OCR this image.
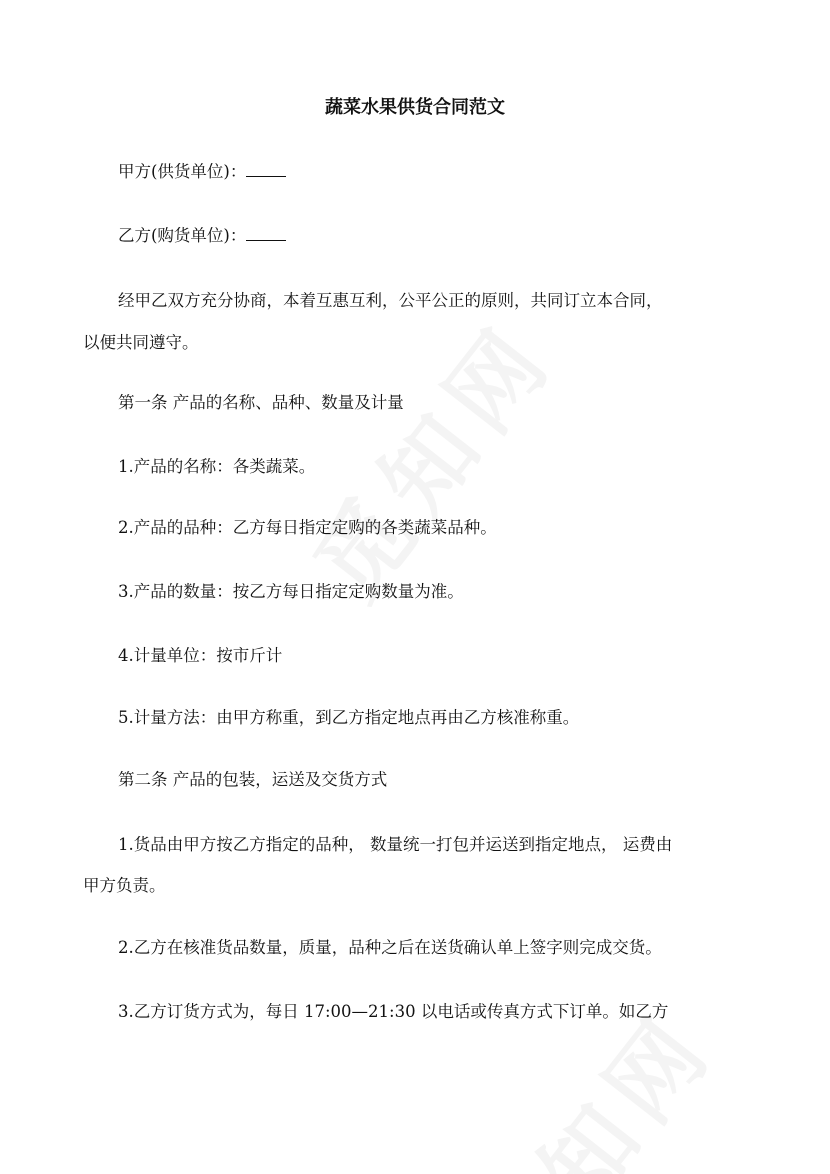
蔬菜水果供货合同范文
甲方(供货单位)：
乙方(购货单位)：
经甲乙双方充分协商，本着互惠互利，公平公正的原则，共同订立本合同，
以便共同遵守。
第一条 产品的名称、品种、数量及计量
1.产品的名称：各类蔬菜。
2.产品的品种：乙方每日指定定购的各类蔬菜品种。
3.产品的数量：按乙方每日指定定购数量为准。
4.计量单位：按市斤计
5.计量方法：由甲方称重，到乙方指定地点再由乙方核准称重。
第二条 产品的包装，运送及交货方式
1.货品由甲方按乙方指定的品种， 数量统一打包并运送到指定地点， 运费由
甲方负责。
2.乙方在核准货品数量，质量，品种之后在送货确认单上签字则完成交货。
3.乙方订货方式为，每日 17:00—21:30 以电话或传真方式下订单。如乙方
